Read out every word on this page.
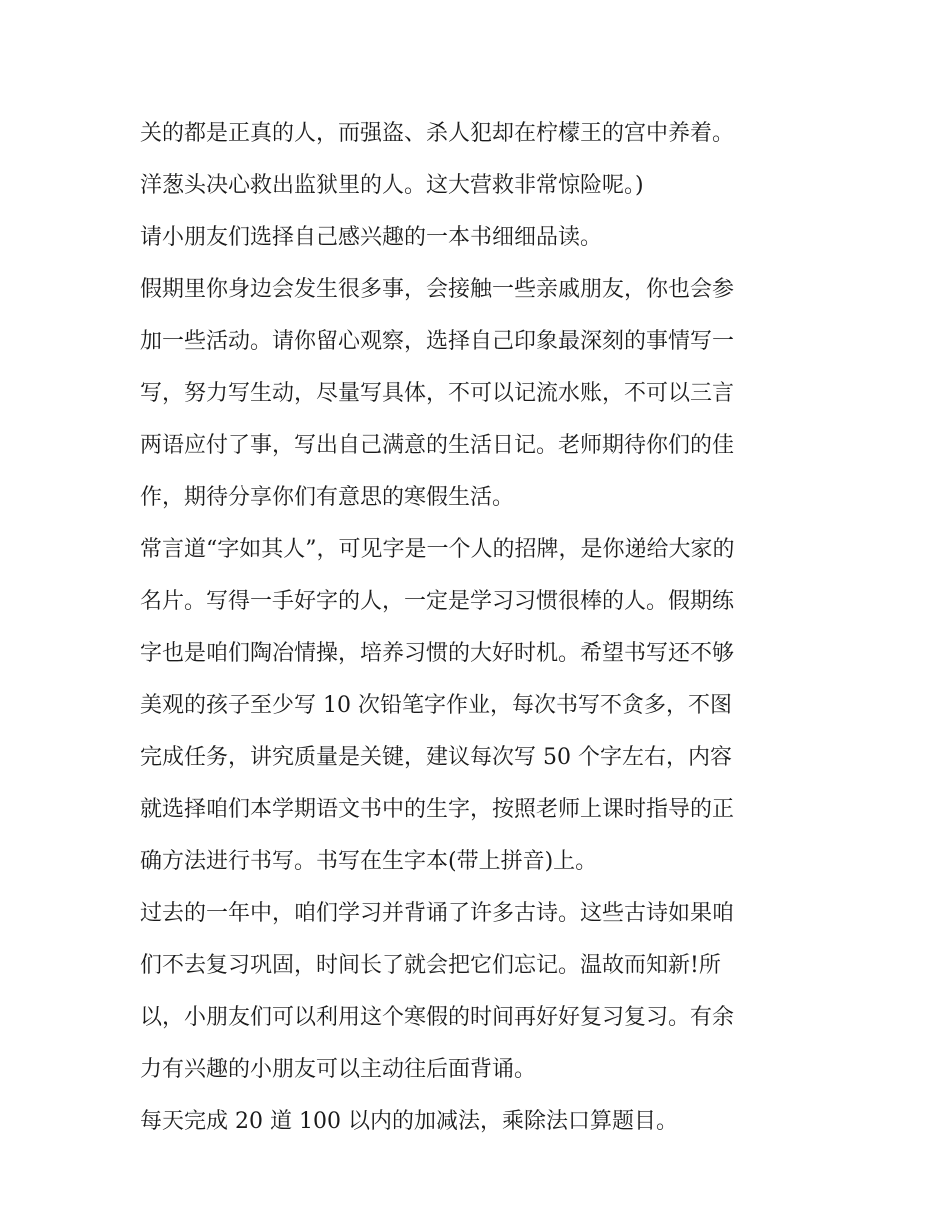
关的都是正真的人，而强盗、杀人犯却在柠檬王的宫中养着。
洋葱头决心救出监狱里的人。这大营救非常惊险呢。)
请小朋友们选择自己感兴趣的一本书细细品读。
假期里你身边会发生很多事，会接触一些亲戚朋友，你也会参
加一些活动。请你留心观察，选择自己印象最深刻的事情写一
写，努力写生动，尽量写具体，不可以记流水账，不可以三言
两语应付了事，写出自己满意的生活日记。老师期待你们的佳
作，期待分享你们有意思的寒假生活。
常言道“字如其人”，可见字是一个人的招牌，是你递给大家的
名片。写得一手好字的人，一定是学习习惯很棒的人。假期练
字也是咱们陶冶情操，培养习惯的大好时机。希望书写还不够
美观的孩子至少写 10 次铅笔字作业，每次书写不贪多，不图
完成任务，讲究质量是关键，建议每次写 50 个字左右，内容
就选择咱们本学期语文书中的生字，按照老师上课时指导的正
确方法进行书写。书写在生字本(带上拼音)上。
过去的一年中，咱们学习并背诵了许多古诗。这些古诗如果咱
们不去复习巩固，时间长了就会把它们忘记。温故而知新!所
以，小朋友们可以利用这个寒假的时间再好好复习复习。有余
力有兴趣的小朋友可以主动往后面背诵。
每天完成 20 道 100 以内的加减法，乘除法口算题目。
